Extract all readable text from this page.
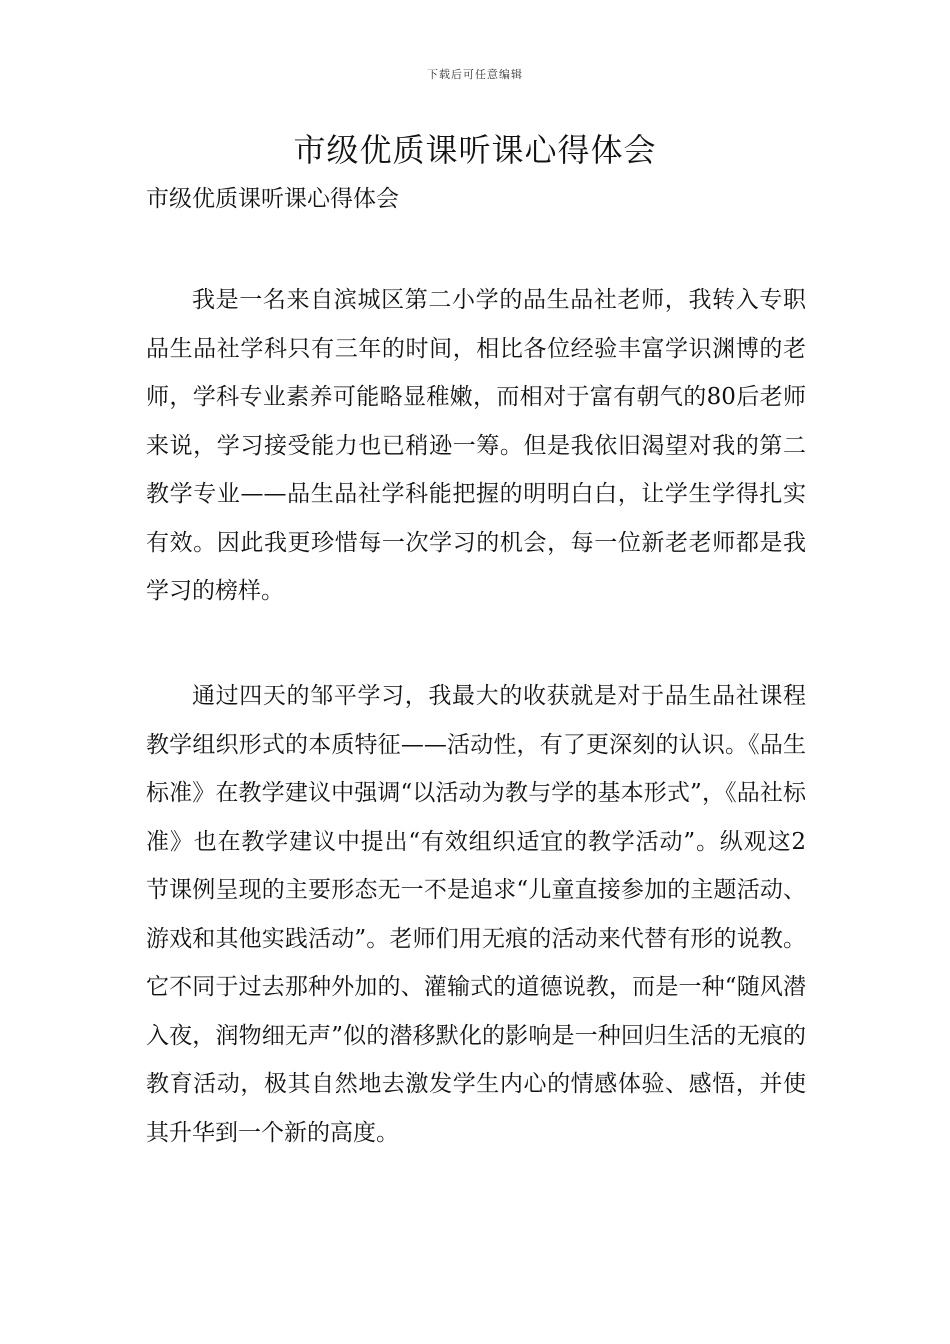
下载后可任意编辑
市级优质课听课心得体会

市级优质课听课心得体会

我是一名来自滨城区第二小学的品生品社老师，我转入专职品生品社学科只有三年的时间，相比各位经验丰富学识渊博的老师，学科专业素养可能略显稚嫩，而相对于富有朝气的80后老师来说，学习接受能力也已稍逊一筹。但是我依旧渴望对我的第二教学专业——品生品社学科能把握的明明白白，让学生学得扎实有效。因此我更珍惜每一次学习的机会，每一位新老老师都是我学习的榜样。

通过四天的邹平学习，我最大的收获就是对于品生品社课程教学组织形式的本质特征——活动性，有了更深刻的认识。《品生标准》在教学建议中强调“以活动为教与学的基本形式”，《品社标准》也在教学建议中提出“有效组织适宜的教学活动”。纵观这2 节课例呈现的主要形态无一不是追求“儿童直接参加的主题活动、游戏和其他实践活动”。老师们用无痕的活动来代替有形的说教。它不同于过去那种外加的、灌输式的道德说教，而是一种“随风潜入夜，润物细无声”似的潜移默化的影响是一种回归生活的无痕的教育活动，极其自然地去激发学生内心的情感体验、感悟，并使其升华到一个新的高度。
